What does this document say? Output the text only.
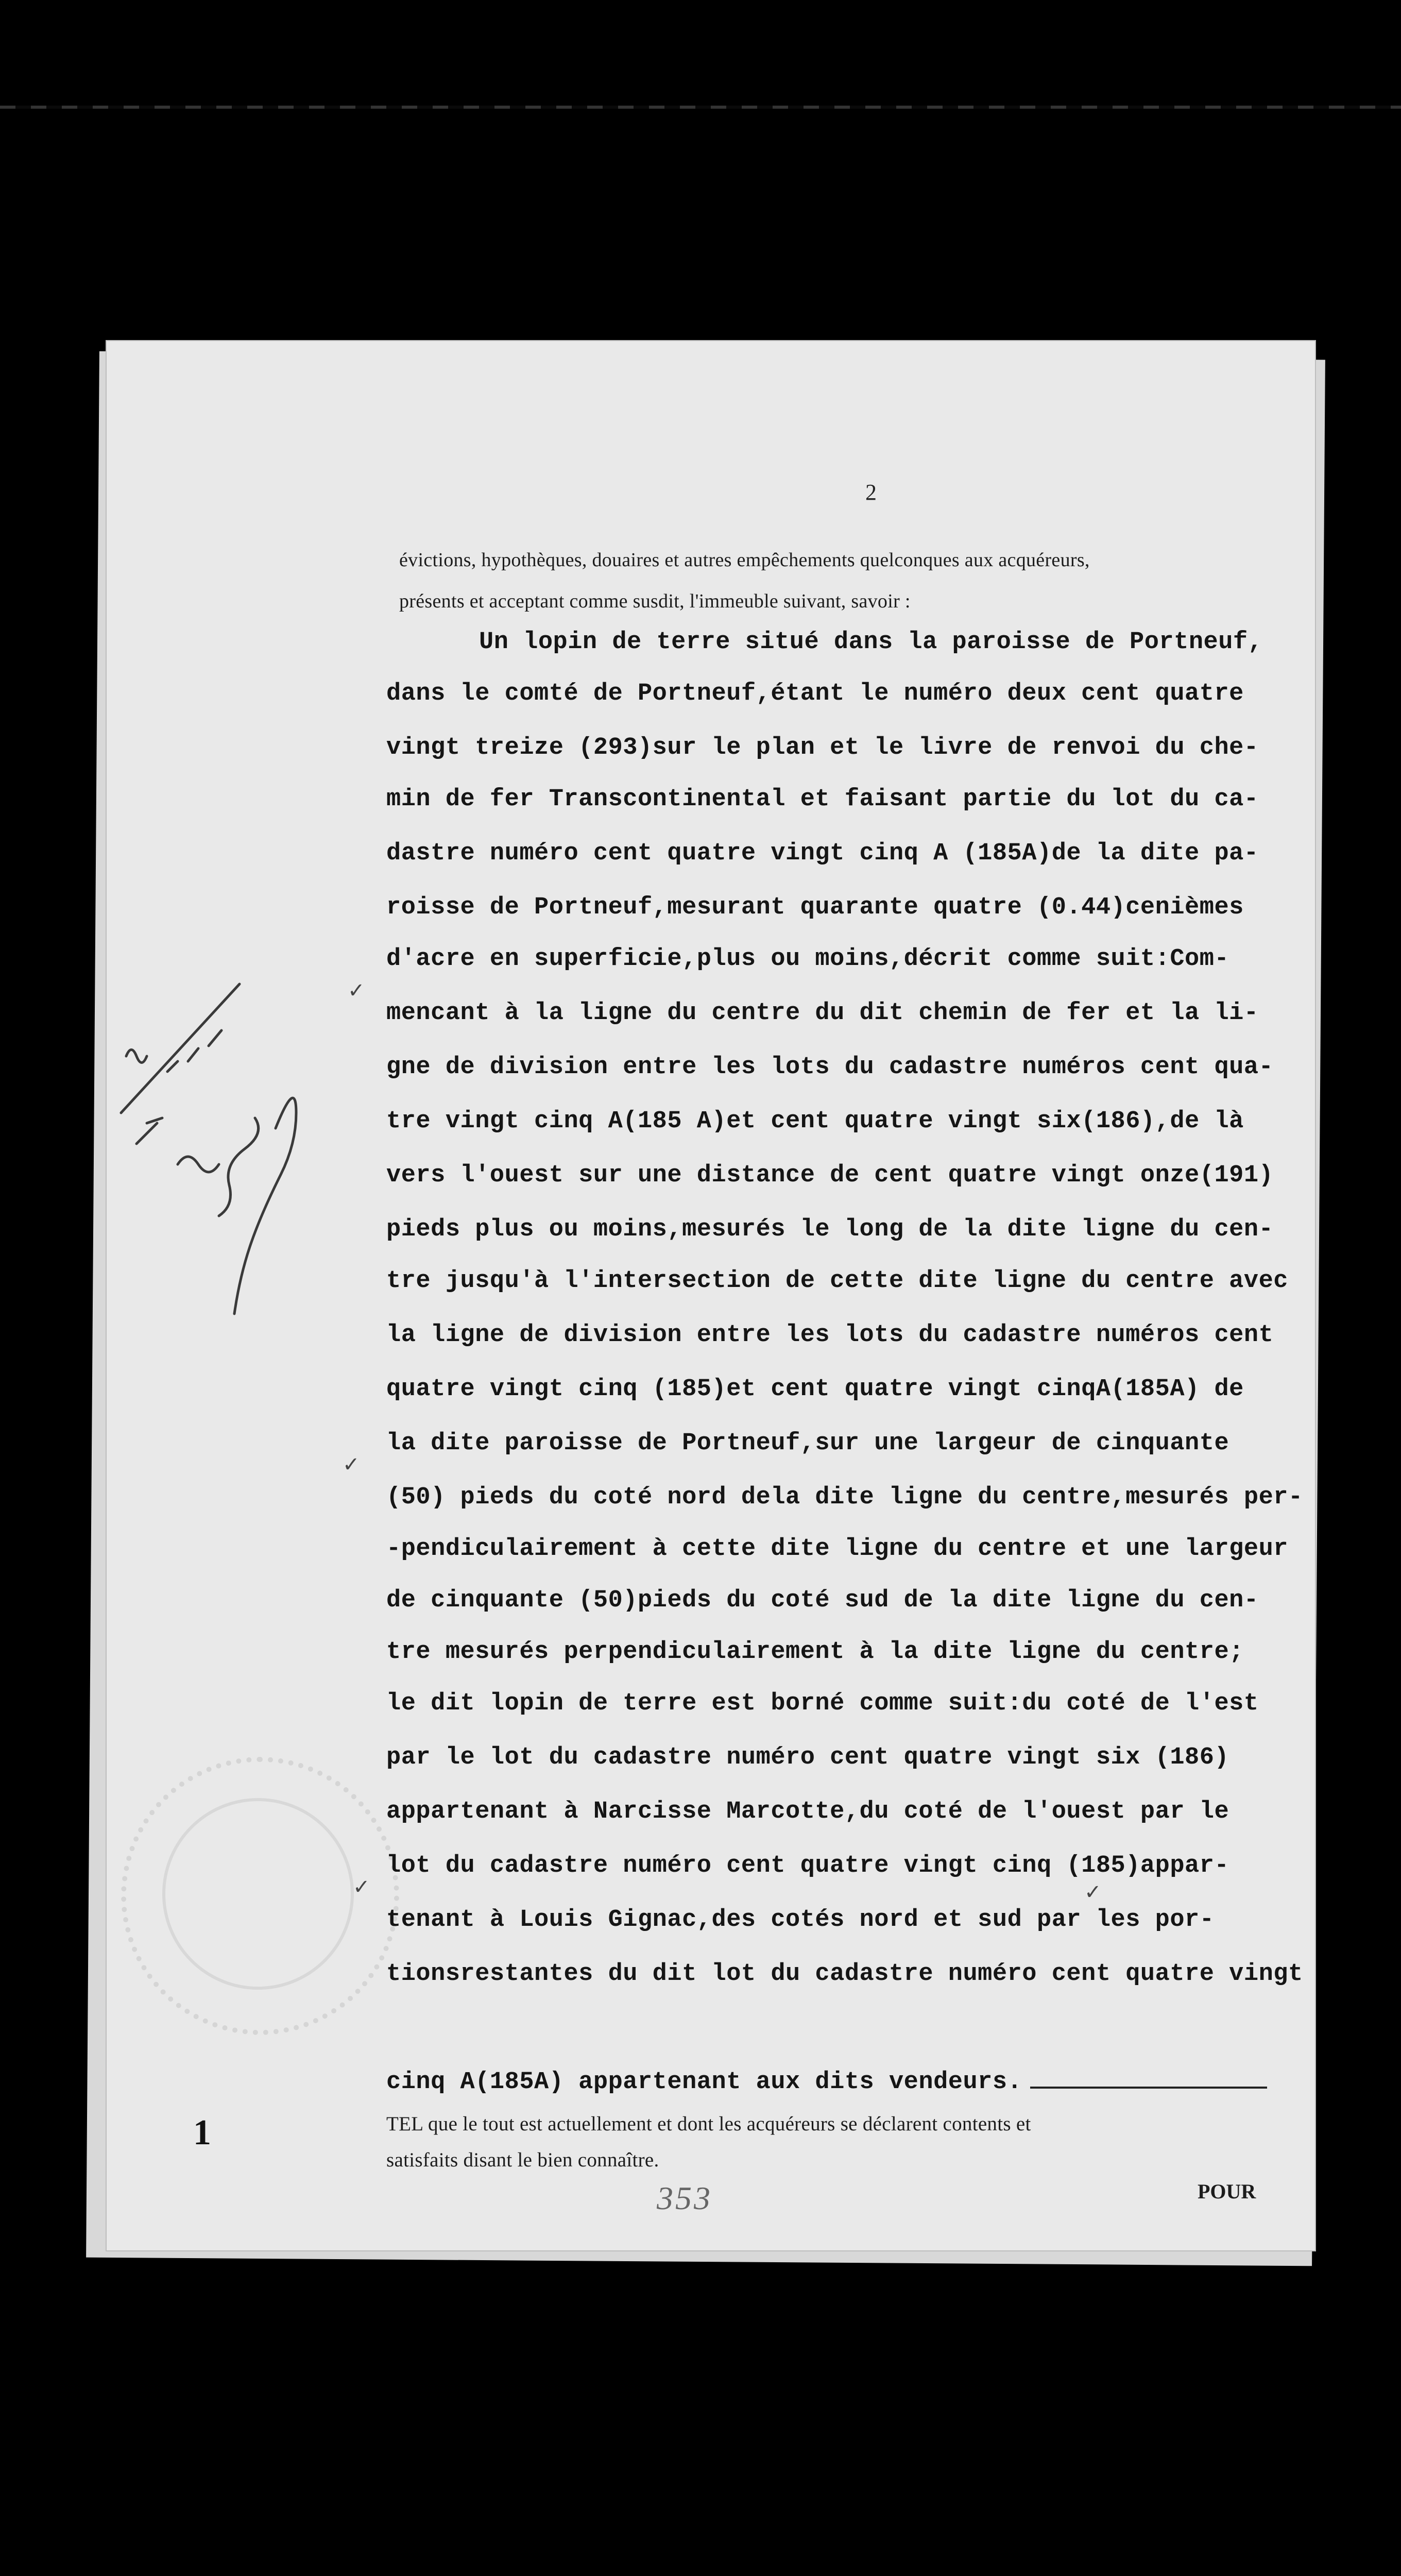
2
évictions, hypothèques, douaires et autres empêchements quelconques aux acquéreurs,
présents et acceptant comme susdit, l'immeuble suivant, savoir :
Un lopin de terre situé dans la paroisse de Portneuf,
dans le comté de Portneuf,étant le numéro deux cent quatre
vingt treize (293)sur le plan et le livre de renvoi du che-
min de fer Transcontinental et faisant partie du lot du ca-
dastre numéro cent quatre vingt cinq A (185A)de la dite pa-
roisse de Portneuf,mesurant quarante quatre (0.44)cenièmes
d'acre en superficie,plus ou moins,décrit comme suit:Com-
mencant à la ligne du centre du dit chemin de fer et la li-
gne de division entre les lots du cadastre numéros cent qua-
tre vingt cinq A(185 A)et cent quatre vingt six(186),de là
vers l'ouest sur une distance de cent quatre vingt onze(191)
pieds plus ou moins,mesurés le long de la dite ligne du cen-
tre jusqu'à l'intersection de cette dite ligne du centre avec
la ligne de division entre les lots du cadastre numéros cent
quatre vingt cinq (185)et cent quatre vingt cinqA(185A) de
la dite paroisse de Portneuf,sur une largeur de cinquante
(50) pieds du coté nord dela dite ligne du centre,mesurés per-
-pendiculairement à cette dite ligne du centre et une largeur
de cinquante (50)pieds du coté sud de la dite ligne du cen-
tre mesurés perpendiculairement à la dite ligne du centre;
le dit lopin de terre est borné comme suit:du coté de l'est
par le lot du cadastre numéro cent quatre vingt six (186)
appartenant à Narcisse Marcotte,du coté de l'ouest par le
lot du cadastre numéro cent quatre vingt cinq (185)appar-
tenant à Louis Gignac,des cotés nord et sud par les por-
tionsrestantes du dit lot du cadastre numéro cent quatre vingt
cinq A(185A) appartenant aux dits vendeurs.
TEL que le tout est actuellement et dont les acquéreurs se déclarent contents et
satisfaits disant le bien connaître.
1
353	POUR
✓
✓	✓
✓
